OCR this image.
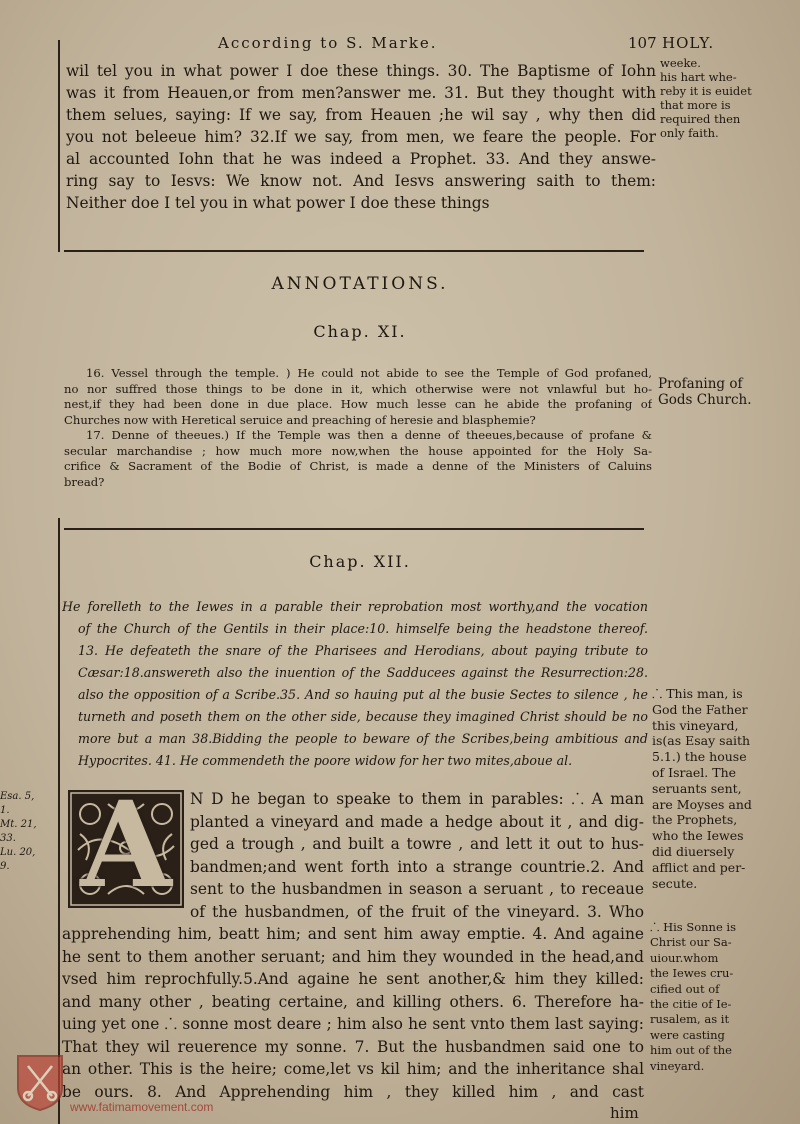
According to S. Marke.	107 HOLY.
wil tel you in what power I doe these things. 30. The Baptisme of Iohn
was it from Heauen,or from men?answer me. 31. But they thought with
them selues, saying: If we say, from Heauen ;he wil say , why then did
you not beleeue him? 32.If we say, from men, we feare the people. For
al accounted Iohn that he was indeed a Prophet. 33. And they answe-
ring say to Iesvs: We know not. And Iesvs answering saith to them:
Neither doe I tel you in what power I doe these things
weeke.
his hart whe-
reby it is euidet
that more is
required then
only faith.
ANNOTATIONS.
Chap. XI.
16. Vessel through the temple. ) He could not abide to see the Temple of God profaned,
no nor suffred those things to be done in it, which otherwise were not vnlawful but ho-
nest,if they had been done in due place. How much lesse can he abide the profaning of
Churches now with Heretical seruice and preaching of heresie and blasphemie?
17. Denne of theeues.) If the Temple was then a denne of theeues,because of profane &
secular marchandise ; how much more now,when the house appointed for the Holy Sa-
crifice & Sacrament of the Bodie of Christ, is made a denne of the Ministers of Caluins
bread?
Profaning of
Gods Church.
Chap. XII.
He forelleth to the Iewes in a parable their reprobation most worthy,and the vocation
of the Church of the Gentils in their place:10. himselfe being the headstone thereof.
13. He defeateth the snare of the Pharisees and Herodians, about paying tribute to
Cæsar:18.answereth also the inuention of the Sadducees against the Resurrection:28.
also the opposition of a Scribe.35. And so hauing put al the busie Sectes to silence , he
turneth and poseth them on the other side, because they imagined Christ should be no
more but a man 38.Bidding the people to beware of the Scribes,being ambitious and
Hypocrites. 41. He commendeth the poore widow for her two mites,aboue al.
Esa. 5,
1.
Mt. 21,
33.
Lu. 20,
9. A	N D he began to speake to them in parables: ⸫ A man
planted a vineyard and made a hedge about it , and dig-
ged a trough , and built a towre , and lett it out to hus-
bandmen;and went forth into a strange countrie.2. And
sent to the husbandmen in season a seruant , to receaue
of the husbandmen, of the fruit of the vineyard. 3. Who
apprehending him, beatt him; and sent him away emptie. 4. And againe
he sent to them another seruant; and him they wounded in the head,and
vsed him reprochfully.5.And againe he sent another,& him they killed:
and many other , beating certaine, and killing others. 6. Therefore ha-
uing yet one ⸫ sonne most deare ; him also he sent vnto them last saying:
That they wil reuerence my sonne. 7. But the husbandmen said one to
an other. This is the heire; come,let vs kil him; and the inheritance shal
be ours. 8. And Apprehending him , they killed him , and cast
him
⸫ This man, is
God the Father
this vineyard,
is(as Esay saith
5.1.) the house
of Israel. The
seruants sent,
are Moyses and
the Prophets,
who the Iewes
did diuersely
afflict and per-
secute.
⸫ His Sonne is
Christ our Sa-
uiour.whom
the Iewes cru-
cified out of
the citie of Ie-
rusalem, as it
were casting
him out of the
vineyard.
www.fatimamovement.com
